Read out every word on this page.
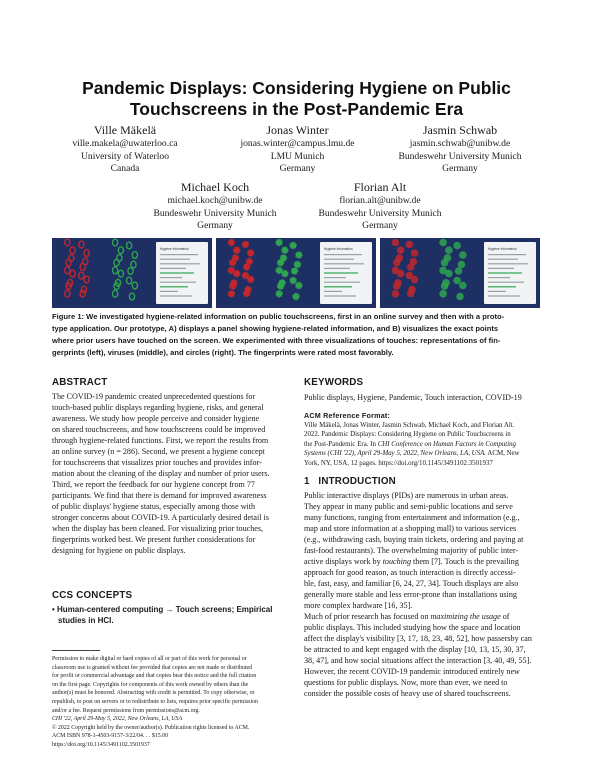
Pandemic Displays: Considering Hygiene on Public
Touchscreens in the Post-Pandemic Era
Ville Mäkelä
ville.makela@uwaterloo.ca
University of Waterloo
Canada
Jonas Winter
jonas.winter@campus.lmu.de
LMU Munich
Germany
Jasmin Schwab
jasmin.schwab@unibw.de
Bundeswehr University Munich
Germany
Michael Koch
michael.koch@unibw.de
Bundeswehr University Munich
Germany
Florian Alt
florian.alt@unibw.de
Bundeswehr University Munich
Germany
Hygiene Information	Hygiene Information	Hygiene Information
Figure 1: We investigated hygiene-related information on public touchscreens, first in an online survey and then with a proto-
type application. Our prototype, A) displays a panel showing hygiene-related information, and B) visualizes the exact points
where prior users have touched on the screen. We experimented with three visualizations of touches: representations of fin-
gerprints (left), viruses (middle), and circles (right). The fingerprints were rated most favorably.
ABSTRACT
The COVID-19 pandemic created unprecedented questions for
touch-based public displays regarding hygiene, risks, and general
awareness. We study how people perceive and consider hygiene
on shared touchscreens, and how touchscreens could be improved
through hygiene-related functions. First, we report the results from
an online survey (n = 286). Second, we present a hygiene concept
for touchscreens that visualizes prior touches and provides infor-
mation about the cleaning of the display and number of prior users.
Third, we report the feedback for our hygiene concept from 77
participants. We find that there is demand for improved awareness
of public displays' hygiene status, especially among those with
stronger concerns about COVID-19. A particularly desired detail is
when the display has been cleaned. For visualizing prior touches,
fingerprints worked best. We present further considerations for
designing for hygiene on public displays.
CCS CONCEPTS
• Human-centered computing → Touch screens; Empirical
studies in HCI.
Permission to make digital or hard copies of all or part of this work for personal or
classroom use is granted without fee provided that copies are not made or distributed
for profit or commercial advantage and that copies bear this notice and the full citation
on the first page. Copyrights for components of this work owned by others than the
author(s) must be honored. Abstracting with credit is permitted. To copy otherwise, or
republish, to post on servers or to redistribute to lists, requires prior specific permission
and/or a fee. Request permissions from permissions@acm.org.
CHI '22, April 29-May 5, 2022, New Orleans, LA, USA
© 2022 Copyright held by the owner/author(s). Publication rights licensed to ACM.
ACM ISBN 978-1-4503-9157-3/22/04. . . $15.00
https://doi.org/10.1145/3491102.3501937
KEYWORDS
Public displays, Hygiene, Pandemic, Touch interaction, COVID-19
ACM Reference Format:
Ville Mäkelä, Jonas Winter, Jasmin Schwab, Michael Koch, and Florian Alt.
2022. Pandemic Displays: Considering Hygiene on Public Touchscreens in
the Post-Pandemic Era. In CHI Conference on Human Factors in Computing
Systems (CHI '22), April 29-May 5, 2022, New Orleans, LA, USA. ACM, New
York, NY, USA, 12 pages. https://doi.org/10.1145/3491102.3501937
1   INTRODUCTION
Public interactive displays (PIDs) are numerous in urban areas.
They appear in many public and semi-public locations and serve
many functions, ranging from entertainment and information (e.g.,
map and store information at a shopping mall) to various services
(e.g., withdrawing cash, buying train tickets, ordering and paying at
fast-food restaurants). The overwhelming majority of public inter-
active displays work by touching them [7]. Touch is the prevailing
approach for good reason, as touch interaction is directly accessi-
ble, fast, easy, and familiar [6, 24, 27, 34]. Touch displays are also
generally more stable and less error-prone than installations using
more complex hardware [16, 35].
Much of prior research has focused on maximizing the usage of
public displays. This included studying how the space and location
affect the display's visibility [3, 17, 18, 23, 48, 52], how passersby can
be attracted to and kept engaged with the display [10, 13, 15, 30, 37,
38, 47], and how social situations affect the interaction [3, 40, 49, 55].
However, the recent COVID-19 pandemic introduced entirely new
questions for public displays. Now, more than ever, we need to
consider the possible costs of heavy use of shared touchscreens.
